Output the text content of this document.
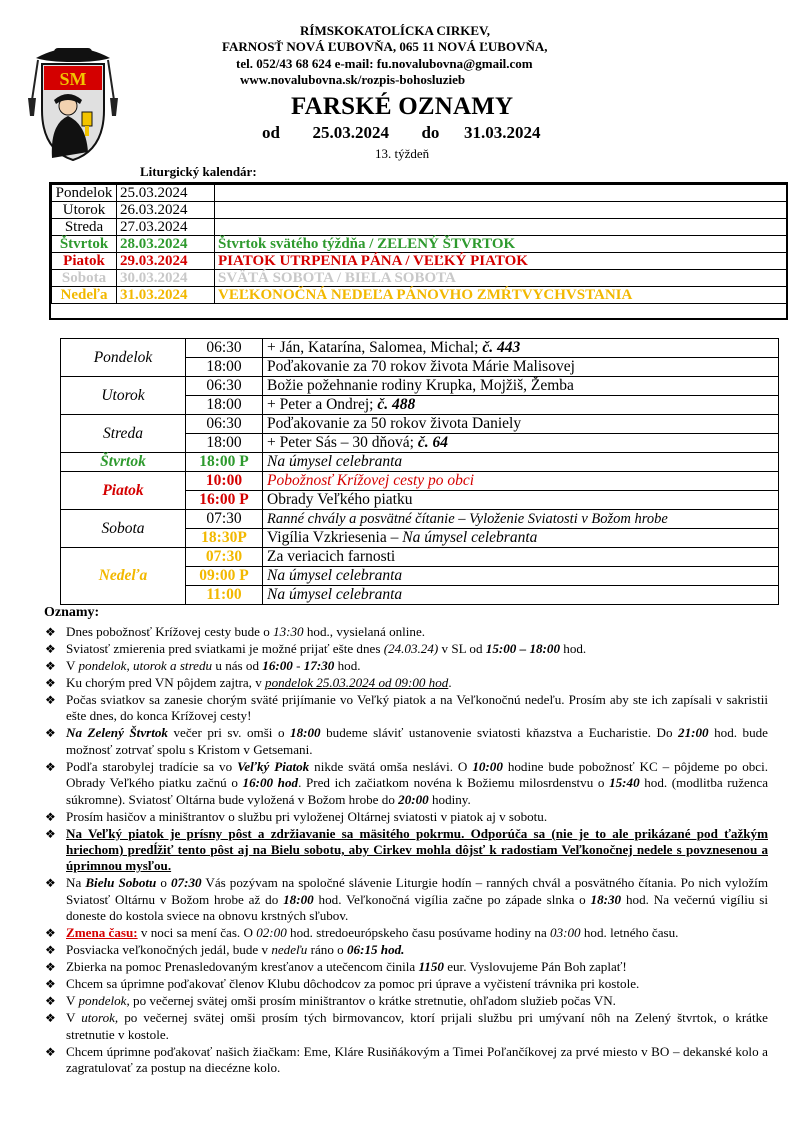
SM
RÍMSKOKATOLÍCKA CIRKEV,
FARNOSŤ NOVÁ ĽUBOVŇA, 065 11 NOVÁ ĽUBOVŇA,
tel. 052/43 68 624 e-mail: fu.novalubovna@gmail.com
www.novalubovna.sk/rozpis-bohosluzieb
FARSKÉ OZNAMY
od 25.03.2024 do 31.03.2024
13. týždeň
Liturgický kalendár:
Pondelok	25.03.2024	
Utorok	26.03.2024	
Streda	27.03.2024	
Štvrtok	28.03.2024	Štvrtok svätého týždňa / ZELENÝ ŠTVRTOK
Piatok	29.03.2024	PIATOK UTRPENIA PÁNA / VEĽKÝ PIATOK
Sobota	30.03.2024	SVÄTÁ SOBOTA / BIELA SOBOTA
Nedeľa	31.03.2024	VEĽKONOČNÁ NEDEĽA PÁNOVHO ZMŔTVYCHVSTANIA
Pondelok	06:30	+ Ján, Katarína, Salomea, Michal; č. 443
	18:00	Poďakovanie za 70 rokov života Márie Malisovej
Utorok	06:30	Božie požehnanie rodiny Krupka, Mojžiš, Žemba
	18:00	+ Peter a Ondrej; č. 488
Streda	06:30	Poďakovanie za 50 rokov života Daniely
	18:00	+ Peter Sás – 30 dňová; č. 64
Štvrtok	18:00 P	Na úmysel celebranta
Piatok	10:00	Pobožnosť Krížovej cesty po obci
	16:00 P	Obrady Veľkého piatku
Sobota	07:30	Ranné chvály a posvätné čítanie – Vyloženie Sviatosti v Božom hrobe
	18:30P	Vigília Vzkriesenia – Na úmysel celebranta
Nedeľa	07:30	Za veriacich farnosti
	09:00 P	Na úmysel celebranta
	11:00	Na úmysel celebranta
Oznamy:
❖ Dnes pobožnosť Krížovej cesty bude o 13:30 hod., vysielaná online.
❖ Sviatosť zmierenia pred sviatkami je možné prijať ešte dnes (24.03.24) v SL od 15:00 – 18:00 hod.
❖ V pondelok, utorok a stredu u nás od 16:00 - 17:30 hod.
❖ Ku chorým pred VN pôjdem zajtra, v pondelok 25.03.2024 od 09:00 hod.
❖ Počas sviatkov sa zanesie chorým sväté prijímanie vo Veľký piatok a na Veľkonočnú nedeľu. Prosím aby ste ich zapísali v sakristii ešte dnes, do konca Krížovej cesty!
❖ Na Zelený Štvrtok večer pri sv. omši o 18:00 budeme sláviť ustanovenie sviatosti kňazstva a Eucharistie. Do 21:00 hod. bude možnosť zotrvať spolu s Kristom v Getsemani.
❖ Podľa starobylej tradície sa vo Veľký Piatok nikde svätá omša neslávi. O 10:00 hodine bude pobožnosť KC – pôjdeme po obci. Obrady Veľkého piatku začnú o 16:00 hod. Pred ich začiatkom novéna k Božiemu milosrdenstvu o 15:40 hod. (modlitba ruženca súkromne). Sviatosť Oltárna bude vyložená v Božom hrobe do 20:00 hodiny.
❖ Prosím hasičov a miništrantov o službu pri vyloženej Oltárnej sviatosti v piatok aj v sobotu.
❖ Na Veľký piatok je prísny pôst a zdržiavanie sa mäsitého pokrmu. Odporúča sa (nie je to ale prikázané pod ťažkým hriechom) predĺžiť tento pôst aj na Bielu sobotu, aby Cirkev mohla dôjsť k radostiam Veľkonočnej nedele s povznesenou a úprimnou mysľou.
❖ Na Bielu Sobotu o 07:30 Vás pozývam na spoločné slávenie Liturgie hodín – ranných chvál a posvätného čítania. Po nich vyložím Sviatosť Oltárnu v Božom hrobe až do 18:00 hod. Veľkonočná vigília začne po západe slnka o 18:30 hod. Na večernú vigíliu si doneste do kostola sviece na obnovu krstných sľubov.
❖ Zmena času: v noci sa mení čas. O 02:00 hod. stredoeurópskeho času posúvame hodiny na 03:00 hod. letného času.
❖ Posviacka veľkonočných jedál, bude v nedeľu ráno o 06:15 hod.
❖ Zbierka na pomoc Prenasledovaným kresťanov a utečencom činila 1150 eur. Vyslovujeme Pán Boh zaplať!
❖ Chcem sa úprimne poďakovať členov Klubu dôchodcov za pomoc pri úprave a vyčistení trávnika pri kostole.
❖ V pondelok, po večernej svätej omši prosím miništrantov o krátke stretnutie, ohľadom služieb počas VN.
❖ V utorok, po večernej svätej omši prosím tých birmovancov, ktorí prijali službu pri umývaní nôh na Zelený štvrtok, o krátke stretnutie v kostole.
❖ Chcem úprimne poďakovať našich žiačkam: Eme, Kláre Rusiňákovým a Timei Poľančíkovej za prvé miesto v BO – dekanské kolo a zagratulovať za postup na diecézne kolo.
